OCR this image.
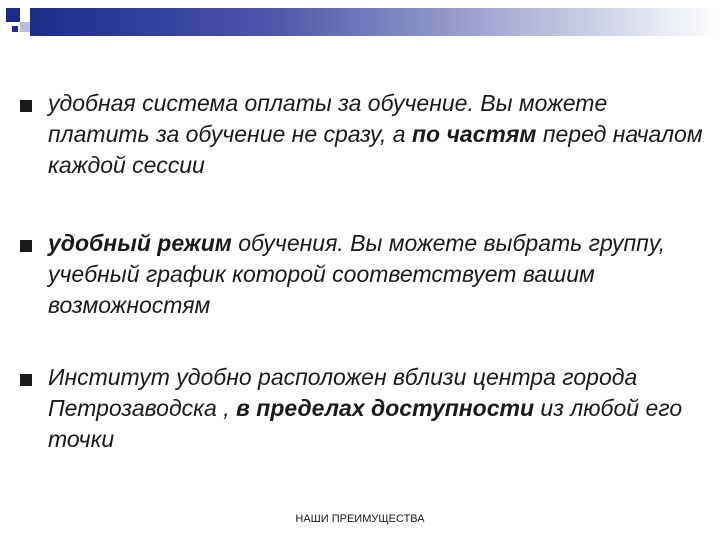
удобная система оплаты за обучение. Вы можете платить за обучение не сразу, а по частям перед началом каждой сессии

удобный режим обучения. Вы можете выбрать группу, учебный график которой соответствует вашим возможностям

Институт удобно расположен вблизи центра города Петрозаводска , в пределах доступности из любой его точки

НАШИ ПРЕИМУЩЕСТВА
